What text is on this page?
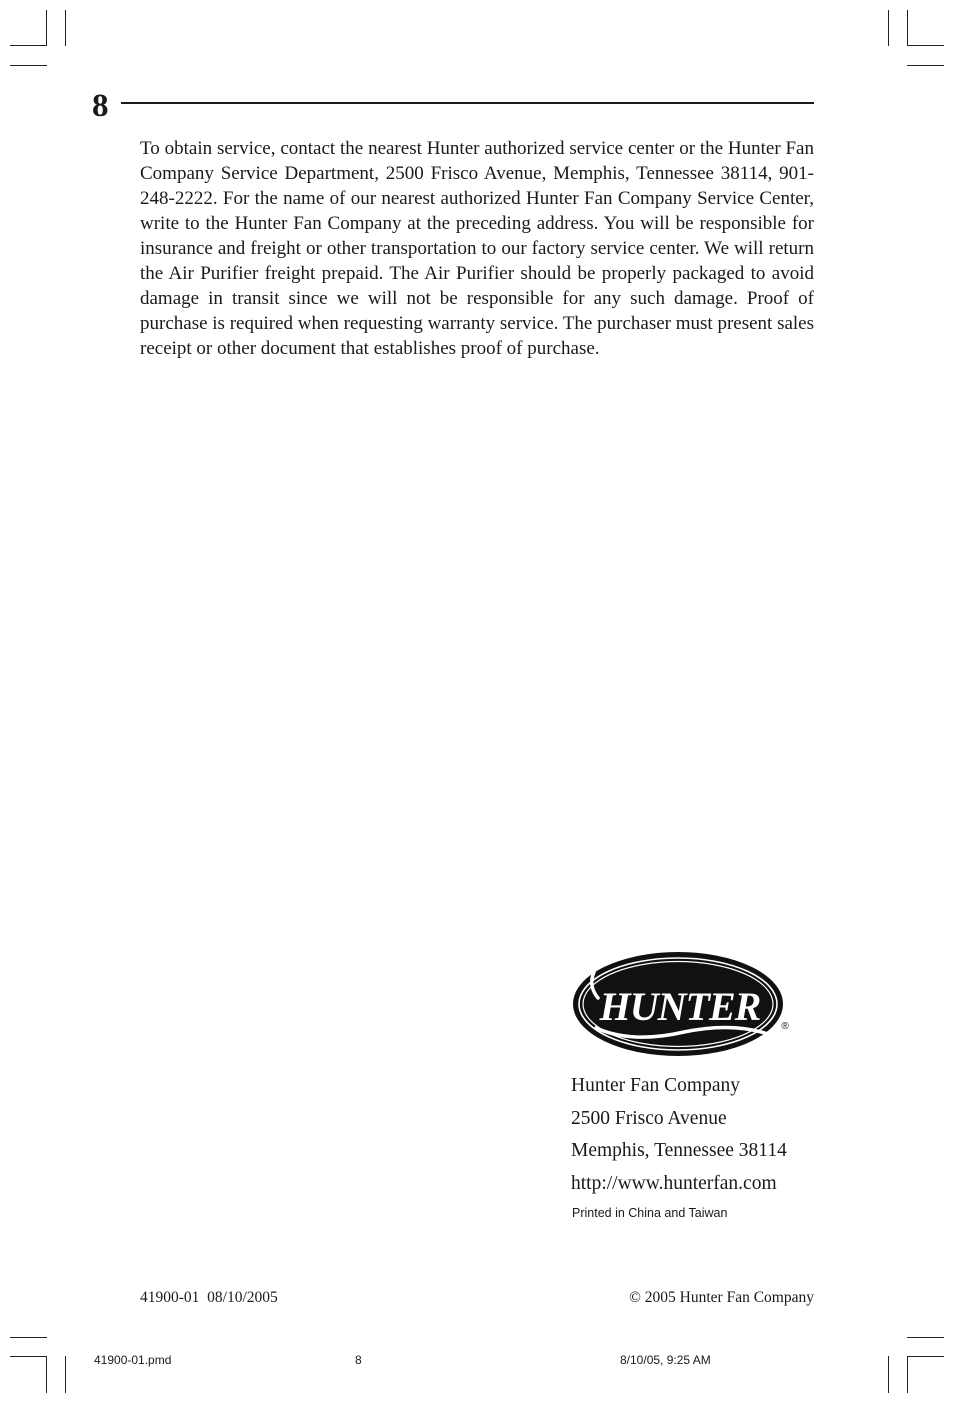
8

To obtain service, contact the nearest Hunter authorized service center or the Hunter Fan Company Service Department, 2500 Frisco Avenue, Memphis, Tennessee 38114, 901-248-2222. For the name of our nearest authorized Hunter Fan Company Service Center, write to the Hunter Fan Company at the preceding address. You will be responsible for insurance and freight or other transportation to our factory service center. We will return the Air Purifier freight prepaid. The Air Purifier should be properly packaged to avoid damage in transit since we will not be responsible for any such damage. Proof of purchase is required when requesting warranty service. The purchaser must present sales receipt or other document that establishes proof of purchase.

HUNTER ®
Hunter Fan Company
2500 Frisco Avenue
Memphis, Tennessee 38114
http://www.hunterfan.com
Printed in China and Taiwan
41900-01  08/10/2005	© 2005 Hunter Fan Company
41900-01.pmd	8	8/10/05, 9:25 AM
